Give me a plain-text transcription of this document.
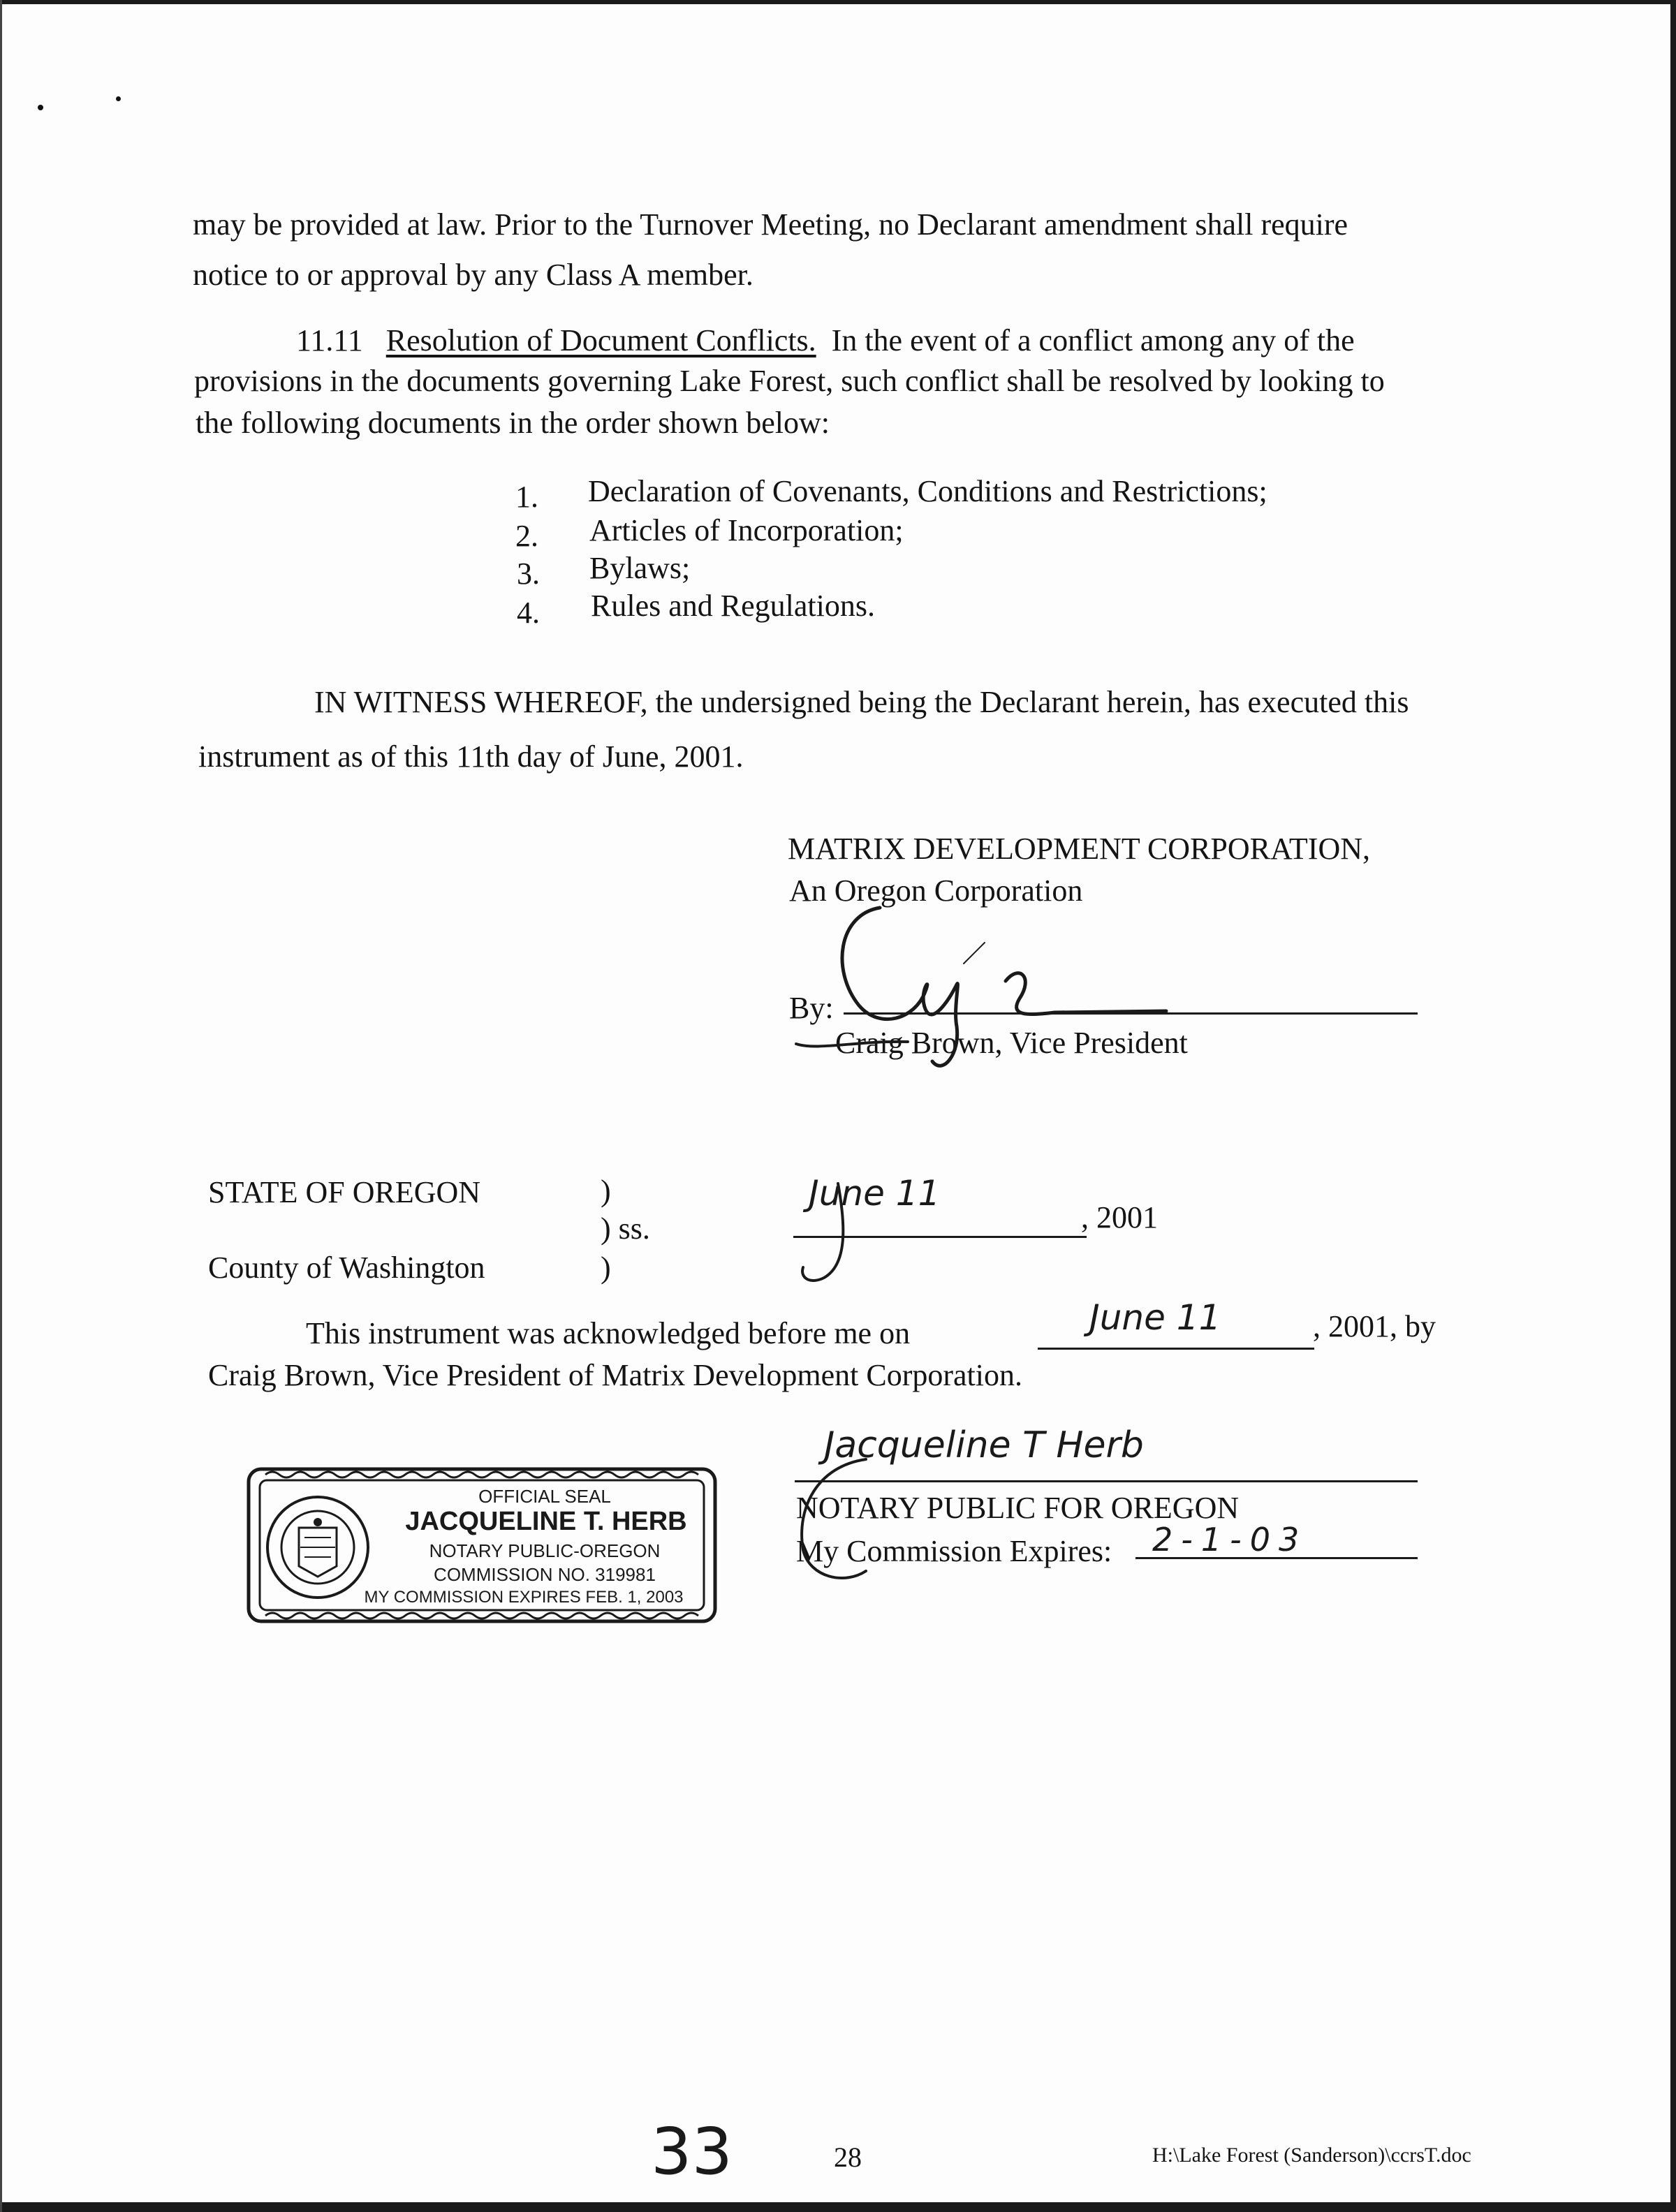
may be provided at law. Prior to the Turnover Meeting, no Declarant amendment shall require
notice to or approval by any Class A member.
11.11 Resolution of Document Conflicts. In the event of a conflict among any of the
provisions in the documents governing Lake Forest, such conflict shall be resolved by looking to
the following documents in the order shown below:
1.	Declaration of Covenants, Conditions and Restrictions;
2.	Articles of Incorporation;
3.	Bylaws;
4.	Rules and Regulations.
IN WITNESS WHEREOF, the undersigned being the Declarant herein, has executed this
instrument as of this 11th day of June, 2001.
MATRIX DEVELOPMENT CORPORATION,
An Oregon Corporation
By:
Craig Brown, Vice President
STATE OF OREGON
County of Washington
)
) ss.
)
June 11
, 2001
This instrument was acknowledged before me on	June 11	, 2001, by
Craig Brown, Vice President of Matrix Development Corporation.
OFFICIAL SEAL
JACQUELINE T. HERB
NOTARY PUBLIC-OREGON
COMMISSION NO. 319981
MY COMMISSION EXPIRES FEB. 1, 2003
Jacqueline T Herb
NOTARY PUBLIC FOR OREGON
My Commission Expires: 2-1-03
33	28	H:\Lake Forest (Sanderson)\ccrsT.doc
